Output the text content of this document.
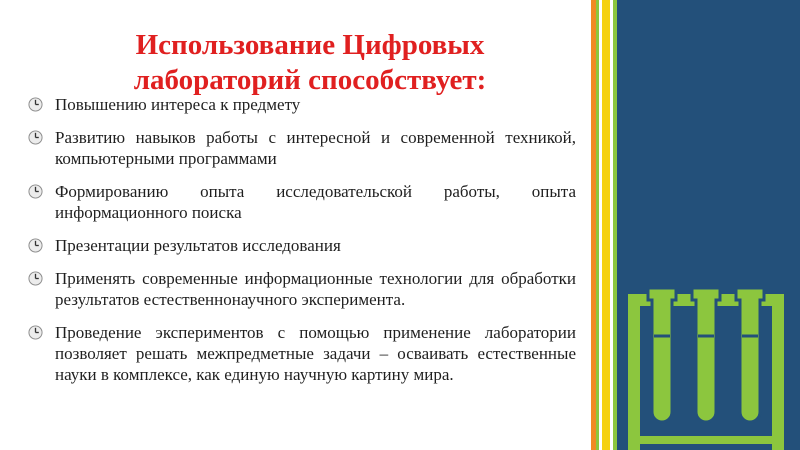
Использование Цифровых
лабораторий способствует:
Повышению интереса к предмету
Развитию навыков работы с интересной и современной техникой, компьютерными программами
Формированию опыта исследовательской работы, опыта информационного поиска
Презентации результатов исследования
Применять современные информационные технологии для обработки результатов естественнонаучного эксперимента.
Проведение экспериментов с помощью применение лаборатории позволяет решать межпредметные задачи – осваивать естественные науки в комплексе, как единую научную картину мира.
